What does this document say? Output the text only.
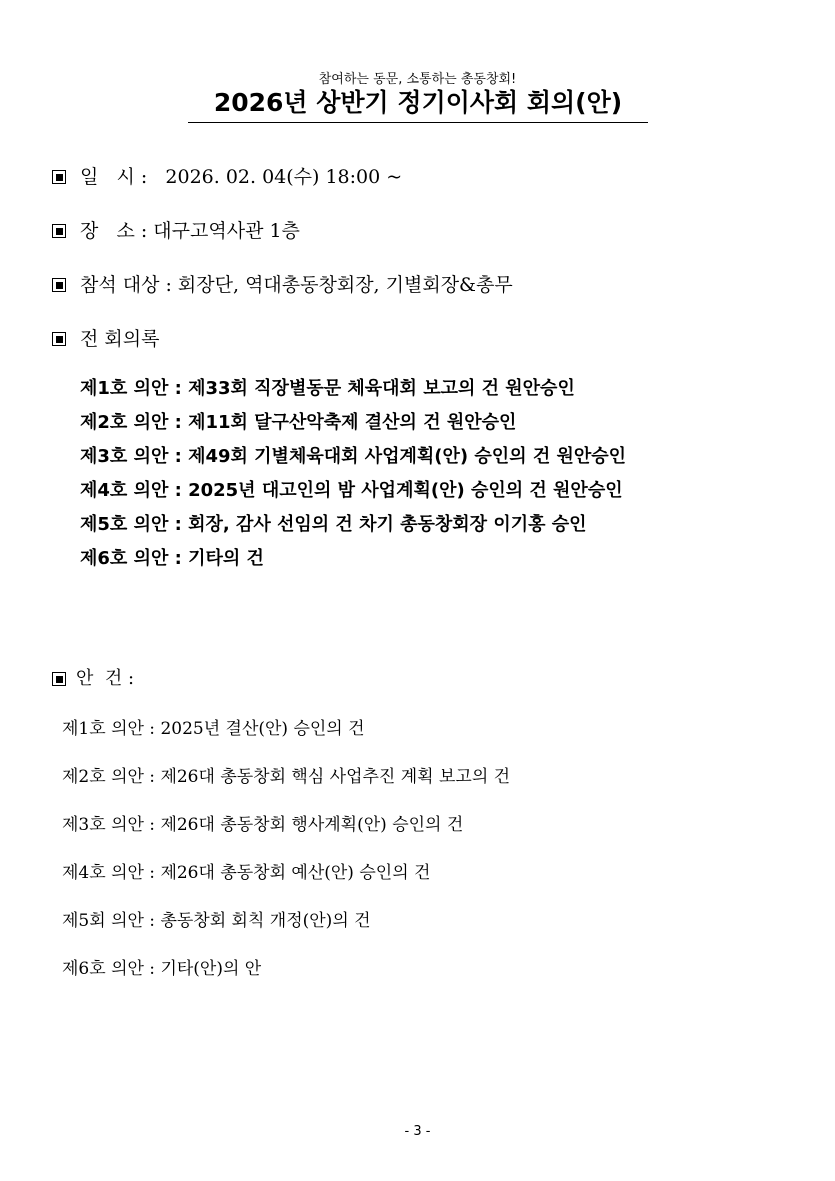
참여하는 동문, 소통하는 총동창회!
2026년 상반기 정기이사회 회의(안)
일   시 :   2026. 02. 04(수) 18:00 ~
장   소 : 대구고역사관 1층
참석 대상 : 회장단, 역대총동창회장, 기별회장&총무
전 회의록
제1호 의안 : 제33회 직장별동문 체육대회 보고의 건 원안승인
제2호 의안 : 제11회 달구산악축제 결산의 건 원안승인
제3호 의안 : 제49회 기별체육대회 사업계획(안) 승인의 건 원안승인
제4호 의안 : 2025년 대고인의 밤 사업계획(안) 승인의 건 원안승인
제5호 의안 : 회장, 감사 선임의 건 차기 총동창회장 이기홍 승인
제6호 의안 : 기타의 건
안  건 :
제1호 의안 : 2025년 결산(안) 승인의 건
제2호 의안 : 제26대 총동창회 핵심 사업추진 계획 보고의 건
제3호 의안 : 제26대 총동창회 행사계획(안) 승인의 건
제4호 의안 : 제26대 총동창회 예산(안) 승인의 건
제5회 의안 : 총동창회 회칙 개정(안)의 건
제6호 의안 : 기타(안)의 안
- 3 -
